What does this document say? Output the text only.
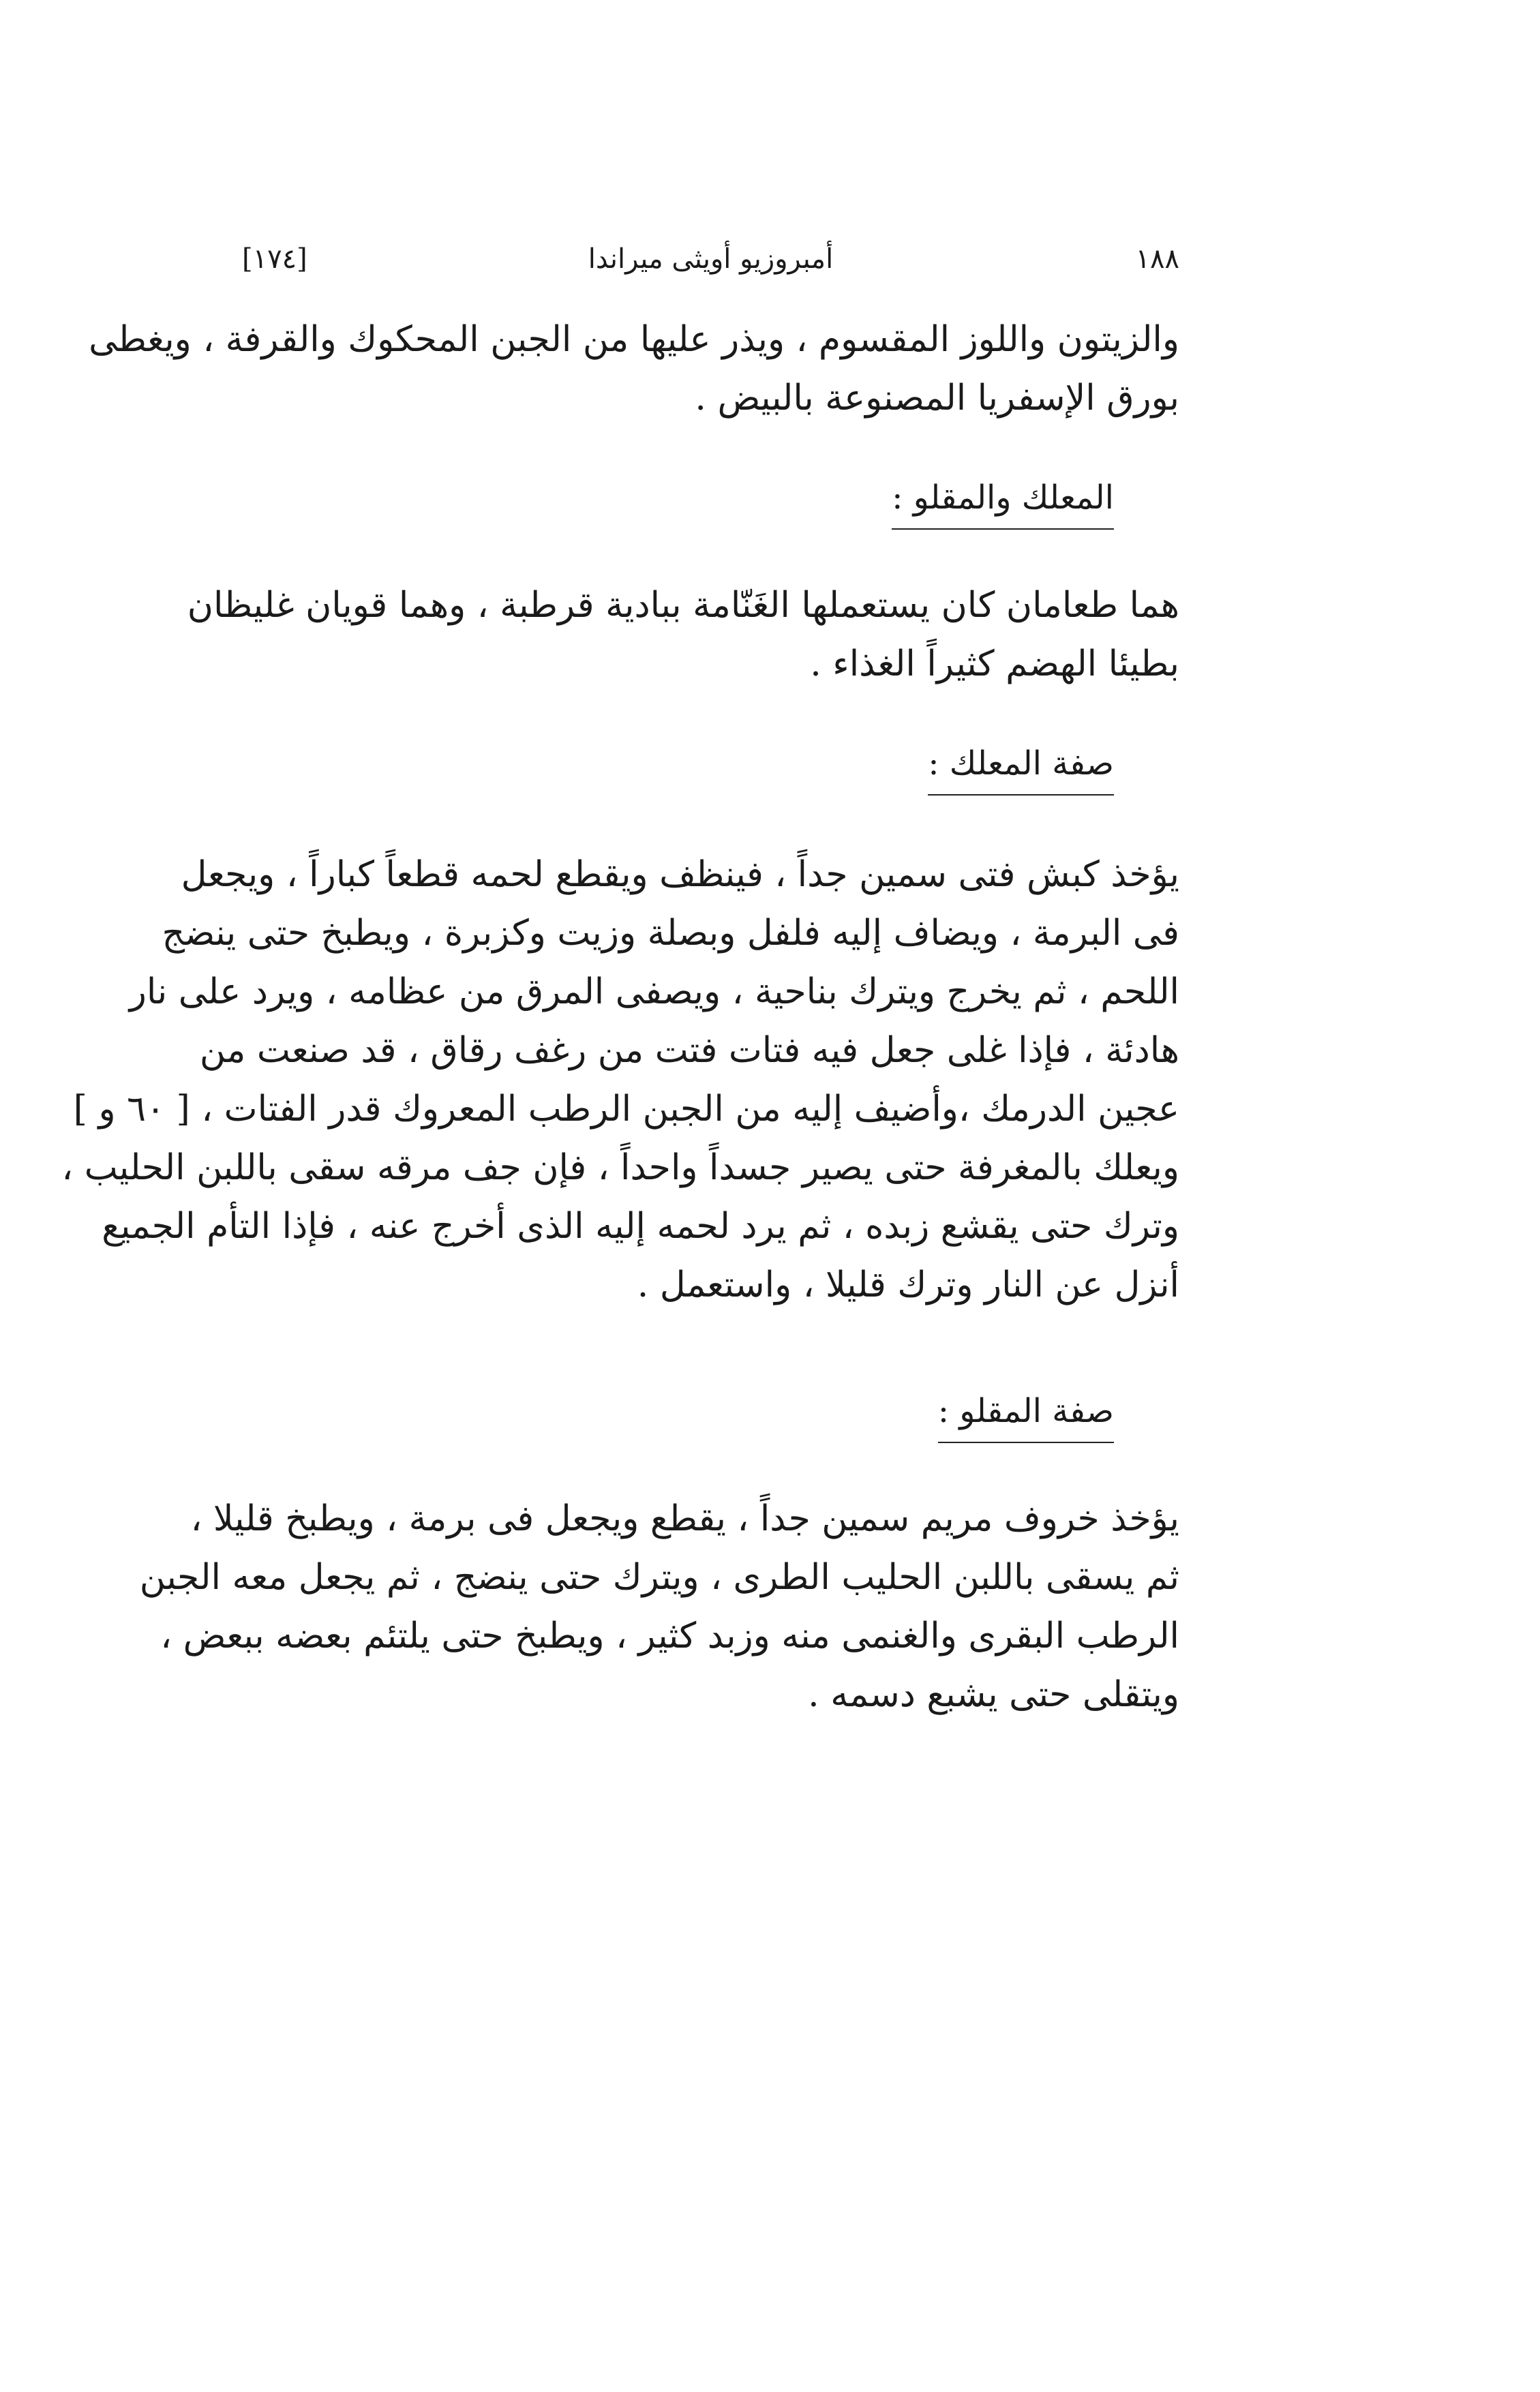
١٨٨
أمبروزيو أويثى ميراندا
[١٧٤]
والزيتون واللوز المقسوم ، ويذر عليها من الجبن المحكوك والقرفة ، ويغطى
بورق الإسفريا المصنوعة بالبيض .
المعلك والمقلو :
هما طعامان كان يستعملها الغَنّامة ببادية قرطبة ، وهما قويان غليظان
بطيئا الهضم كثيراً الغذاء .
صفة المعلك :
يؤخذ كبش فتى سمين جداً ، فينظف ويقطع لحمه قطعاً كباراً ، ويجعل
فى البرمة ، ويضاف إليه فلفل وبصلة وزيت وكزبرة ، ويطبخ حتى ينضج
اللحم ، ثم يخرج ويترك بناحية ، ويصفى المرق من عظامه ، ويرد على نار
هادئة ، فإذا غلى جعل فيه فتات فتت من رغف رقاق ، قد صنعت من
عجين الدرمك ،وأضيف إليه من الجبن الرطب المعروك قدر الفتات ، [ ٦٠ و ]
ويعلك بالمغرفة حتى يصير جسداً واحداً ، فإن جف مرقه سقى باللبن الحليب ،
وترك حتى يقشع زبده ، ثم يرد لحمه إليه الذى أخرج عنه ، فإذا التأم الجميع
أنزل عن النار وترك قليلا ، واستعمل .
صفة المقلو :
يؤخذ خروف مريم سمين جداً ، يقطع ويجعل فى برمة ، ويطبخ قليلا ،
ثم يسقى باللبن الحليب الطرى ، ويترك حتى ينضج ، ثم يجعل معه الجبن
الرطب البقرى والغنمى منه وزبد كثير ، ويطبخ حتى يلتئم بعضه ببعض ،
ويتقلى حتى يشبع دسمه .
